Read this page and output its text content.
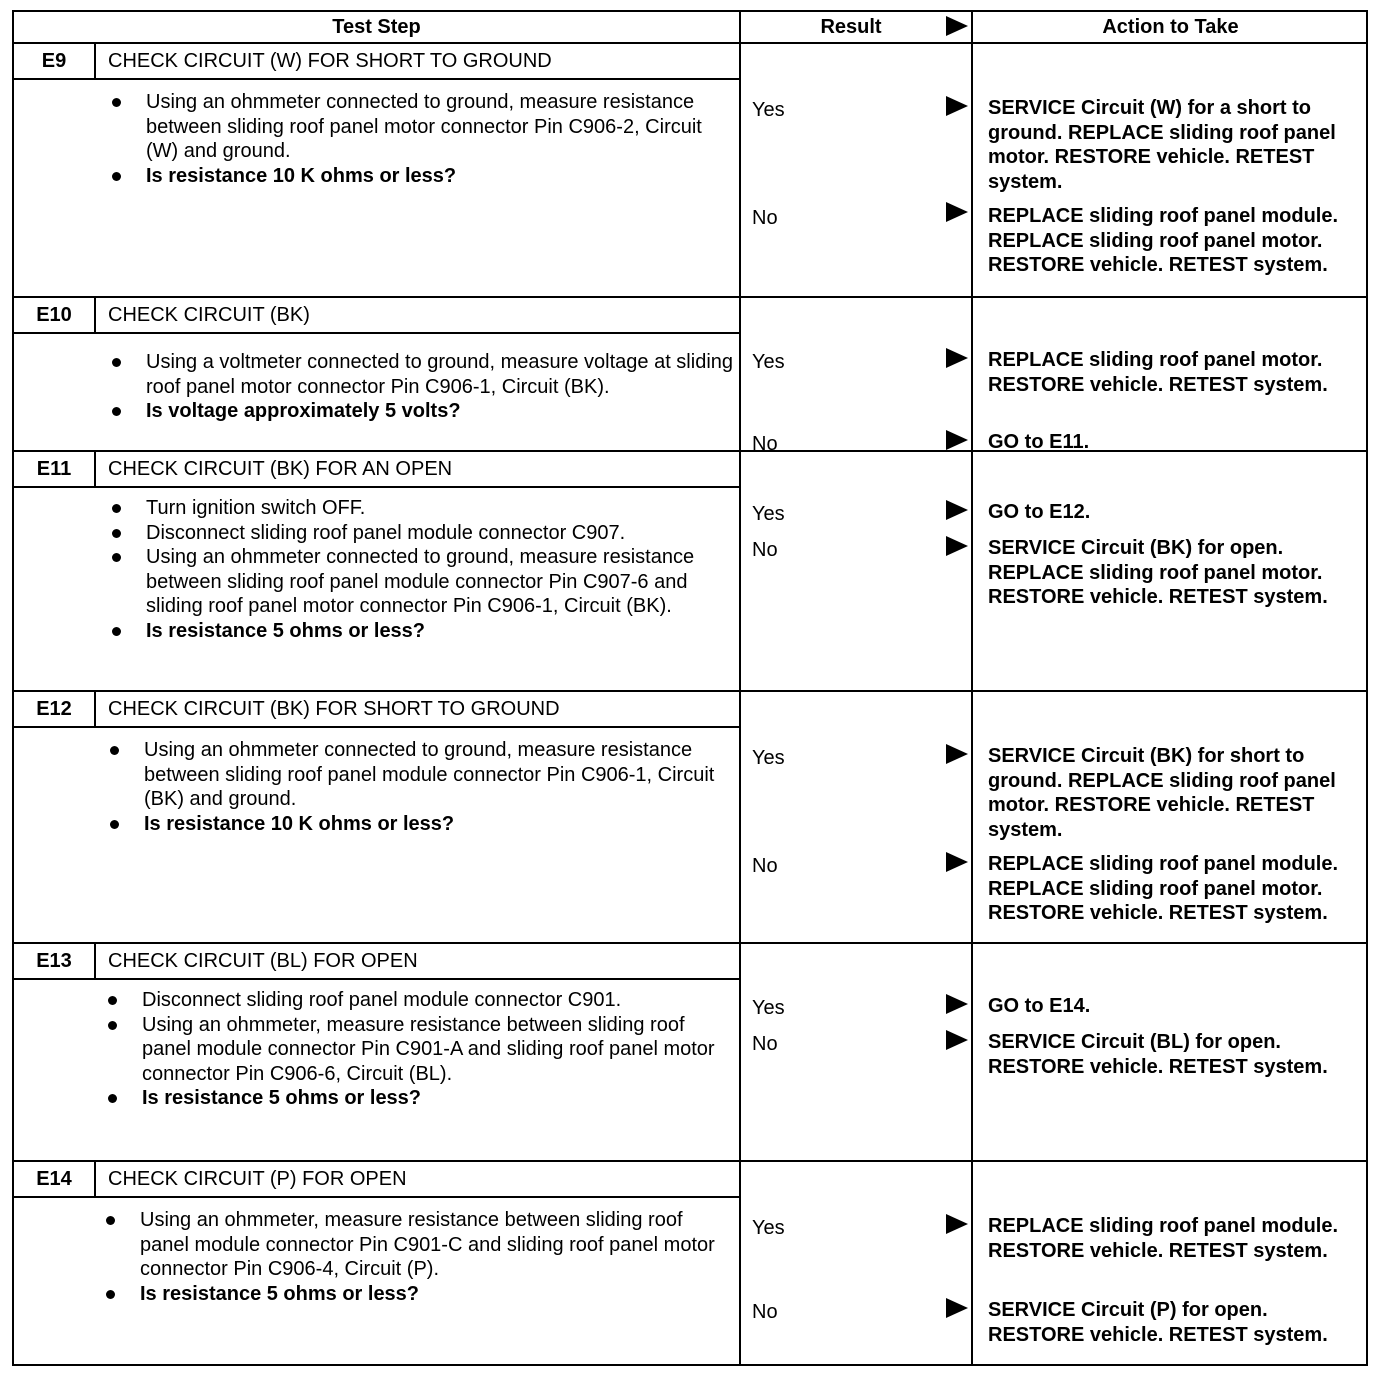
Test Step	Result	Action to Take
E9	CHECK CIRCUIT (W) FOR SHORT TO GROUND
Using an ohmmeter connected to ground, measure resistance between sliding roof panel motor connector Pin C906-2, Circuit (W) and ground.
Is resistance 10 K ohms or less?
Yes	SERVICE Circuit (W) for a short to ground. REPLACE sliding roof panel motor. RESTORE vehicle. RETEST system.
No	REPLACE sliding roof panel module. REPLACE sliding roof panel motor. RESTORE vehicle. RETEST system.
E10	CHECK CIRCUIT (BK)
Using a voltmeter connected to ground, measure voltage at sliding roof panel motor connector Pin C906-1, Circuit (BK).
Is voltage approximately 5 volts?
Yes	REPLACE sliding roof panel motor. RESTORE vehicle. RETEST system.
No	GO to E11.
E11	CHECK CIRCUIT (BK) FOR AN OPEN
Turn ignition switch OFF.
Disconnect sliding roof panel module connector C907.
Using an ohmmeter connected to ground, measure resistance between sliding roof panel module connector Pin C907-6 and sliding roof panel motor connector Pin C906-1, Circuit (BK).
Is resistance 5 ohms or less?
Yes	GO to E12.
No	SERVICE Circuit (BK) for open. REPLACE sliding roof panel motor. RESTORE vehicle. RETEST system.
E12	CHECK CIRCUIT (BK) FOR SHORT TO GROUND
Using an ohmmeter connected to ground, measure resistance between sliding roof panel module connector Pin C906-1, Circuit (BK) and ground.
Is resistance 10 K ohms or less?
Yes	SERVICE Circuit (BK) for short to ground. REPLACE sliding roof panel motor. RESTORE vehicle. RETEST system.
No	REPLACE sliding roof panel module. REPLACE sliding roof panel motor. RESTORE vehicle. RETEST system.
E13	CHECK CIRCUIT (BL) FOR OPEN
Disconnect sliding roof panel module connector C901.
Using an ohmmeter, measure resistance between sliding roof panel module connector Pin C901-A and sliding roof panel motor connector Pin C906-6, Circuit (BL).
Is resistance 5 ohms or less?
Yes	GO to E14.
No	SERVICE Circuit (BL) for open. RESTORE vehicle. RETEST system.
E14	CHECK CIRCUIT (P) FOR OPEN
Using an ohmmeter, measure resistance between sliding roof panel module connector Pin C901-C and sliding roof panel motor connector Pin C906-4, Circuit (P).
Is resistance 5 ohms or less?
Yes	REPLACE sliding roof panel module. RESTORE vehicle. RETEST system.
No	SERVICE Circuit (P) for open. RESTORE vehicle. RETEST system.
